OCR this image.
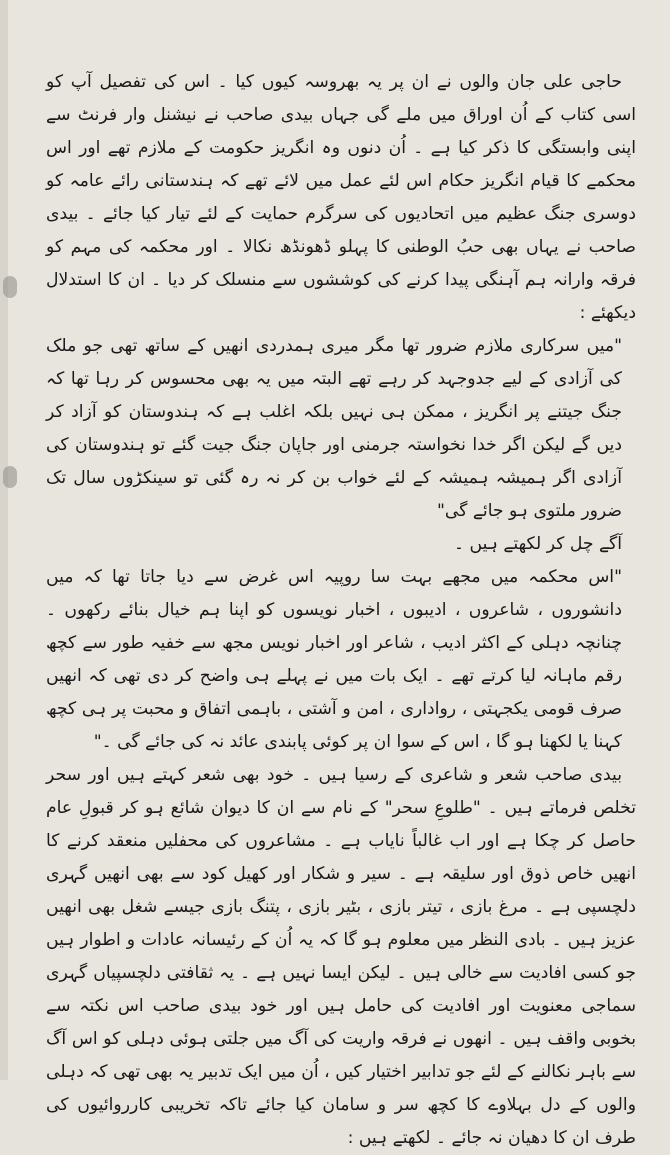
حاجی علی جان والوں نے ان پر یہ بھروسہ کیوں کیا ۔ اس کی تفصیل آپ کو اسی کتاب کے اُن اوراق میں ملے گی جہاں بیدی صاحب نے نیشنل وار فرنٹ سے اپنی وابستگی کا ذکر کیا ہے ۔ اُن دنوں وہ انگریز حکومت کے ملازم تھے اور اس محکمے کا قیام انگریز حکام اس لئے عمل میں لائے تھے کہ ہندستانی رائے عامہ کو دوسری جنگ عظیم میں اتحادیوں کی سرگرم حمایت کے لئے تیار کیا جائے ۔ بیدی صاحب نے یہاں بھی حبُ الوطنی کا پہلو ڈھونڈھ نکالا ۔ اور محکمہ کی مہم کو فرقہ وارانہ ہم آہنگی پیدا کرنے کی کوششوں سے منسلک کر دیا ۔ ان کا استدلال دیکھئے :

"میں سرکاری ملازم ضرور تھا مگر میری ہمدردی انھیں کے ساتھ تھی جو ملک کی آزادی کے لیے جدوجہد کر رہے تھے البتہ میں یہ بھی محسوس کر رہا تھا کہ جنگ جیتنے پر انگریز ، ممکن ہی نہیں بلکہ اغلب ہے کہ ہندوستان کو آزاد کر دیں گے لیکن اگر خدا نخواستہ جرمنی اور جاپان جنگ جیت گئے تو ہندوستان کی آزادی اگر ہمیشہ ہمیشہ کے لئے خواب بن کر نہ رہ گئی تو سینکڑوں سال تک ضرور ملتوی ہو جائے گی"

آگے چل کر لکھتے ہیں ۔

"اس محکمہ میں مجھے بہت سا روپیہ اس غرض سے دیا جاتا تھا کہ میں دانشوروں ، شاعروں ، ادیبوں ، اخبار نویسوں کو اپنا ہم خیال بنائے رکھوں ۔ چنانچہ دہلی کے اکثر ادیب ، شاعر اور اخبار نویس مجھ سے خفیہ طور سے کچھ رقم ماہانہ لیا کرتے تھے ۔ ایک بات میں نے پہلے ہی واضح کر دی تھی کہ انھیں صرف قومی یکجہتی ، رواداری ، امن و آشتی ، باہمی اتفاق و محبت پر ہی کچھ کہنا یا لکھنا ہو گا ، اس کے سوا ان پر کوئی پابندی عائد نہ کی جائے گی ۔"

بیدی صاحب شعر و شاعری کے رسیا ہیں ۔ خود بھی شعر کہتے ہیں اور سحر تخلص فرماتے ہیں ۔ "طلوعِ سحر" کے نام سے ان کا دیوان شائع ہو کر قبولِ عام حاصل کر چکا ہے اور اب غالباً نایاب ہے ۔ مشاعروں کی محفلیں منعقد کرنے کا انھیں خاص ذوق اور سلیقہ ہے ۔ سیر و شکار اور کھیل کود سے بھی انھیں گہری دلچسپی ہے ۔ مرغ بازی ، تیتر بازی ، بٹیر بازی ، پتنگ بازی جیسے شغل بھی انھیں عزیز ہیں ۔ بادی النظر میں معلوم ہو گا کہ یہ اُن کے رئیسانہ عادات و اطوار ہیں جو کسی افادیت سے خالی ہیں ۔ لیکن ایسا نہیں ہے ۔ یہ ثقافتی دلچسپیاں گہری سماجی معنویت اور افادیت کی حامل ہیں اور خود بیدی صاحب اس نکتہ سے بخوبی واقف ہیں ۔ انھوں نے فرقہ واریت کی آگ میں جلتی ہوئی دہلی کو اس آگ سے باہر نکالنے کے لئے جو تدابیر اختیار کیں ، اُن میں ایک تدبیر یہ بھی تھی کہ دہلی والوں کے دل بہلاوے کا کچھ سر و سامان کیا جائے تاکہ تخریبی کارروائیوں کی طرف ان کا دھیان نہ جائے ۔ لکھتے ہیں :
